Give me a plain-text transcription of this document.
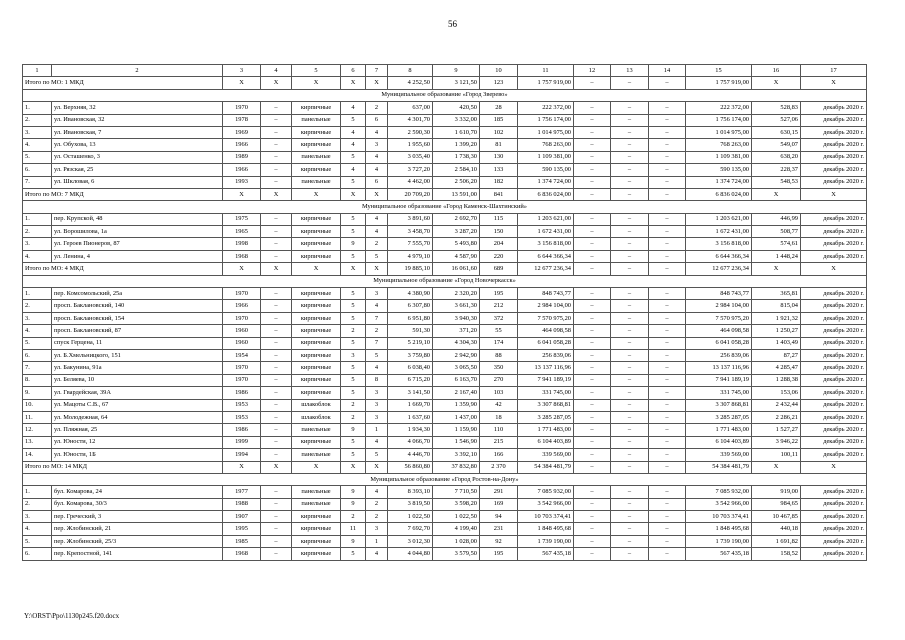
56
1	2	3	4	5	6	7	8	9	10	11	12	13	14	15	16	17
Итого по МО: 1 МКД		X	X	X	X	X	4 252,50	3 121,50	123	1 757 919,00	–	–	–	1 757 919,00	X	X
Муниципальное образование «Город Зверево»																
1.	ул. Верхняя, 32	1970	–	кирпичные	4	2	637,00	420,50	28	222 372,00	–	–	–	222 372,00	528,83	декабрь 2020 г.
2.	ул. Ивановская, 32	1978	–	панельные	5	6	4 301,70	3 332,00	185	1 756 174,00	–	–	–	1 756 174,00	527,06	декабрь 2020 г.
3.	ул. Ивановская, 7	1969	–	кирпичные	4	4	2 590,30	1 610,70	102	1 014 975,00	–	–	–	1 014 975,00	630,15	декабрь 2020 г.
4.	ул. Обухова, 13	1966	–	кирпичные	4	3	1 955,60	1 399,20	81	768 263,00	–	–	–	768 263,00	549,07	декабрь 2020 г.
5.	ул. Осташенко, 3	1989	–	панельные	5	4	3 035,40	1 738,30	130	1 109 381,00	–	–	–	1 109 381,00	638,20	декабрь 2020 г.
6.	ул. Рязская, 25	1966	–	кирпичные	4	4	3 727,20	2 584,10	133	590 135,00	–	–	–	590 135,00	228,37	декабрь 2020 г.
7.	ул. Шкловая, 6	1993	–	панельные	5	6	4 462,00	2 506,20	182	1 374 724,00	–	–	–	1 374 724,00	548,53	декабрь 2020 г.
Итого по МО: 7 МКД		X	X	X	X	X	20 709,20	13 591,00	841	6 836 024,00	–	–	–	6 836 024,00	X	X
Муниципальное образование «Город Каменск-Шахтинский»																
1.	пер. Крупской, 48	1975	–	кирпичные	5	4	3 891,60	2 692,70	115	1 203 621,00	–	–	–	1 203 621,00	446,99	декабрь 2020 г.
2.	ул. Ворошилова, 1а	1965	–	кирпичные	5	4	3 458,70	3 287,20	150	1 672 431,00	–	–	–	1 672 431,00	508,77	декабрь 2020 г.
3.	ул. Героев Пионеров, 87	1998	–	кирпичные	9	2	7 555,70	5 493,80	204	3 156 818,00	–	–	–	3 156 818,00	574,61	декабрь 2020 г.
4.	ул. Ленина, 4	1968	–	кирпичные	5	5	4 979,10	4 587,90	220	6 644 366,34	–	–	–	6 644 366,34	1 448,24	декабрь 2020 г.
Итого по МО: 4 МКД		X	X	X	X	X	19 885,10	16 061,60	689	12 677 236,34	–	–	–	12 677 236,34	X	X
Муниципальное образование «Город Новочеркасск»																
1.	пер. Комсомольский, 25а	1970	–	кирпичные	5	3	4 380,90	2 320,20	195	848 743,77	–	–	–	848 743,77	365,81	декабрь 2020 г.
2.	просп. Баклановский, 140	1966	–	кирпичные	5	4	6 307,80	3 661,30	212	2 984 104,00	–	–	–	2 984 104,00	815,04	декабрь 2020 г.
3.	просп. Баклановский, 154	1970	–	кирпичные	5	7	6 951,80	3 940,30	372	7 570 975,20	–	–	–	7 570 975,20	1 921,32	декабрь 2020 г.
4.	просп. Баклановский, 87	1960	–	кирпичные	2	2	591,30	371,20	55	464 098,58	–	–	–	464 098,58	1 250,27	декабрь 2020 г.
5.	спуск Герцена, 11	1960	–	кирпичные	5	7	5 219,10	4 304,30	174	6 041 058,28	–	–	–	6 041 058,28	1 403,49	декабрь 2020 г.
6.	ул. Б.Хмельницкого, 151	1954	–	кирпичные	3	5	3 759,80	2 942,90	88	256 839,06	–	–	–	256 839,06	87,27	декабрь 2020 г.
7.	ул. Бакунина, 91а	1970	–	кирпичные	5	4	6 038,40	3 065,50	350	13 137 116,96	–	–	–	13 137 116,96	4 285,47	декабрь 2020 г.
8.	ул. Беляева, 10	1970	–	кирпичные	5	8	6 715,20	6 163,70	270	7 941 189,19	–	–	–	7 941 189,19	1 288,38	декабрь 2020 г.
9.	ул. Гвардейская, 39А	1986	–	кирпичные	5	3	3 141,50	2 167,40	103	331 745,00	–	–	–	331 745,00	153,06	декабрь 2020 г.
10.	ул. Мацоты С.В., 67	1953	–	шлакоблок	2	3	1 669,70	1 359,90	42	3 307 868,81	–	–	–	3 307 868,81	2 432,44	декабрь 2020 г.
11.	ул. Молодежная, 64	1953	–	шлакоблок	2	3	1 637,60	1 437,00	18	3 285 287,05	–	–	–	3 285 287,05	2 286,21	декабрь 2020 г.
12.	ул. Пляжная, 25	1986	–	панельные	9	1	1 934,30	1 159,90	110	1 771 483,00	–	–	–	1 771 483,00	1 527,27	декабрь 2020 г.
13.	ул. Юности, 12	1999	–	кирпичные	5	4	4 066,70	1 546,90	215	6 104 403,89	–	–	–	6 104 403,89	3 946,22	декабрь 2020 г.
14.	ул. Юности, 1Б	1994	–	панельные	5	5	4 446,70	3 392,10	166	339 569,00	–	–	–	339 569,00	100,11	декабрь 2020 г.
Итого по МО: 14 МКД		X	X	X	X	X	56 860,80	37 832,80	2 370	54 384 481,79	–	–	–	54 384 481,79	X	X
Муниципальное образование «Город Ростов-на-Дону»																
1.	бул. Комарова, 24	1977	–	панельные	9	4	8 393,10	7 710,50	291	7 085 932,00	–	–	–	7 085 932,00	919,00	декабрь 2020 г.
2.	бул. Комарова, 30/3	1988	–	панельные	9	2	3 819,50	3 598,20	169	3 542 966,00	–	–	–	3 542 966,00	984,65	декабрь 2020 г.
3.	пер. Греческий, 3	1907	–	кирпичные	2	2	1 022,50	1 022,50	94	10 703 374,41	–	–	–	10 703 374,41	10 467,85	декабрь 2020 г.
4.	пер. Жлобинский, 21	1995	–	кирпичные	11	3	7 692,70	4 199,40	231	1 848 495,68	–	–	–	1 848 495,68	440,18	декабрь 2020 г.
5.	пер. Жлобинский, 25/3	1985	–	кирпичные	9	1	3 012,30	1 028,00	92	1 739 190,00	–	–	–	1 739 190,00	1 691,82	декабрь 2020 г.
6.	пер. Крепостной, 141	1968	–	кирпичные	5	4	4 044,80	3 579,50	195	567 435,18	–	–	–	567 435,18	158,52	декабрь 2020 г.
Y:\ORST\Ppo\1130p245.f20.docx
